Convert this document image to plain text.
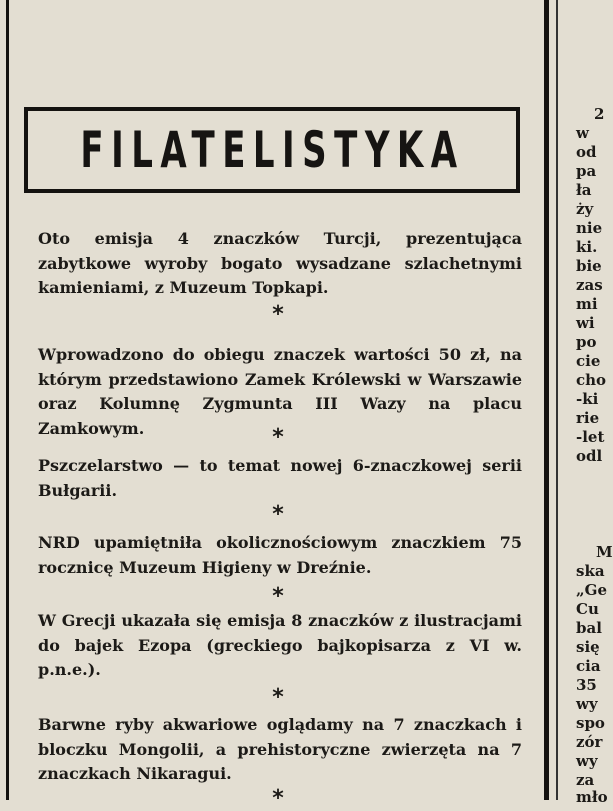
FILATELISTYKA

Oto emisja 4 znaczków Turcji, prezentująca zabytkowe wyroby bogato wysadzane szlachetnymi kamieniami, z Muzeum Topkapi.

*

Wprowadzono do obiegu znaczek wartości 50 zł, na którym przedstawiono Zamek Królewski w Warszawie oraz Kolumnę Zygmunta III Wazy na placu Zamkowym.	*

Pszczelarstwo — to temat nowej 6-znaczkowej serii Bułgarii.

*

NRD upamiętniła okolicznościowym znaczkiem 75 rocznicę Muzeum Higieny w Dreźnie.

*

W Grecji ukazała się emisja 8 znaczków z ilustracjami do bajek Ezopa (greckiego bajkopisarza z VI w. p.n.e.).

*

Barwne ryby akwariowe oglądamy na 7 znaczkach i bloczku Mongolii, a prehistoryczne zwierzęta na 7 znaczkach Nikaragui.

*
2
w
od
pa
ła
ży
nie
ki.
bie
zas
mi
wi
po
cie
cho
-ki
rie
-let
odl
M
ska
„Ge
Cu
bal
się
cia
35
wy
spo
zór
wy
za
mło
